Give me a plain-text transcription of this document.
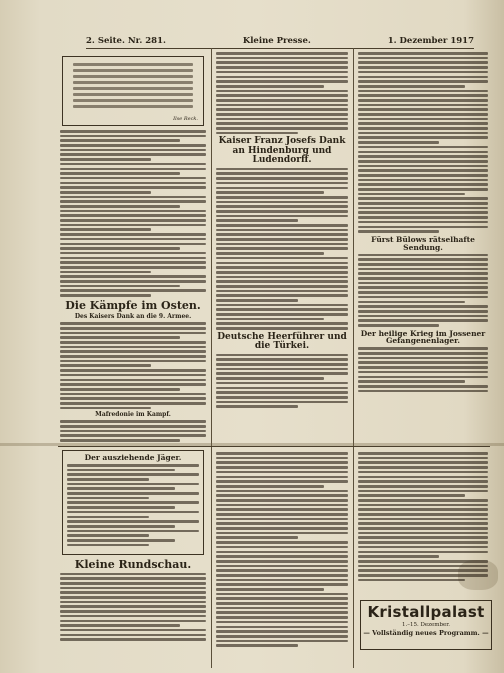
2. Seite. Nr. 281.	Kleine Presse.	1. Dezember 1917
Ilse Reck.
Die Kämpfe im Osten.
Des Kaisers Dank an die 9. Armee.
Mafredonie im Kampf.
Kaiser Franz Josefs Dank an Hindenburg und Ludendorff.
Deutsche Heerführer und die Türkei.
Fürst Bülows rätselhafte Sendung.
Der heilige Krieg im Jossener Gefangenenlager.
Der ausziehende Jäger.
Kleine Rundschau.
Kristallpalast
1.–15. Dezember.
— Vollständig neues Programm. —
